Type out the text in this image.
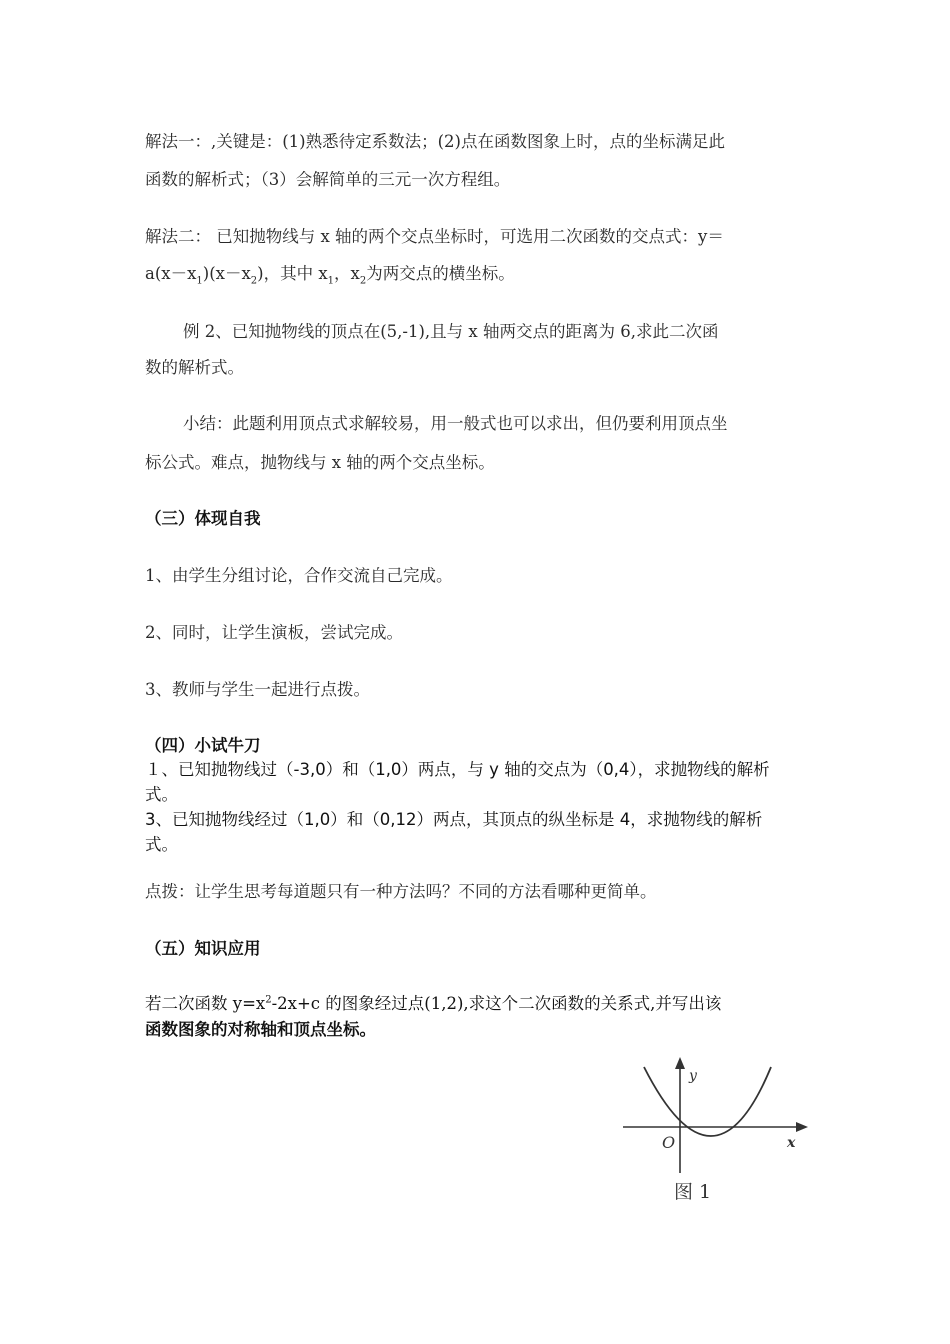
解法一：,关键是：(1)熟悉待定系数法；(2)点在函数图象上时，点的坐标满足此
函数的解析式；（3）会解简单的三元一次方程组。
解法二： 已知抛物线与 x 轴的两个交点坐标时，可选用二次函数的交点式：y＝
$a(x-x_1)(x-x_2)$，其中 $x_1$，$x_2$为两交点的横坐标。
例 2、已知抛物线的顶点在(5,-1),且与 x 轴两交点的距离为 6,求此二次函
数的解析式。
小结：此题利用顶点式求解较易，用一般式也可以求出，但仍要利用顶点坐
标公式。难点，抛物线与 x 轴的两个交点坐标。
（三）体现自我
1、由学生分组讨论，合作交流自己完成。
2、同时，让学生演板，尝试完成。
3、教师与学生一起进行点拨。
（四）小试牛刀
１、已知抛物线过（-3,0）和（1,0）两点，与 y 轴的交点为（0,4），求抛物线的解析
式。
3、已知抛物线经过（1,0）和（0,12）两点，其顶点的纵坐标是 4，求抛物线的解析
式。
点拨：让学生思考每道题只有一种方法吗？不同的方法看哪种更简单。
（五）知识应用
若二次函数 $y=x^2-2x+c$ 的图象经过点(1,2),求这个二次函数的关系式,并写出该
函数图象的对称轴和顶点坐标。
y
x
O
图 1
